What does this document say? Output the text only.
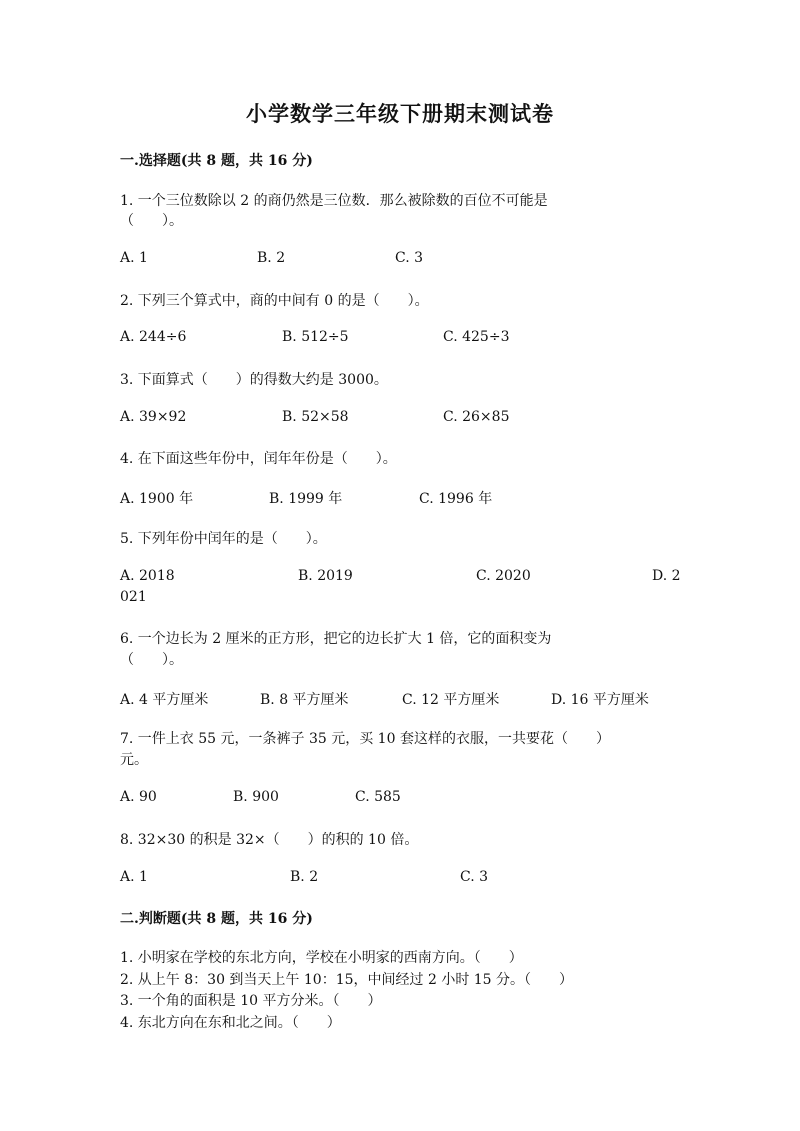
小学数学三年级下册期末测试卷
一.选择题(共 8 题，共 16 分)
1. 一个三位数除以 2 的商仍然是三位数．那么被除数的百位不可能是
（　　）。
A. 1	B. 2	C. 3
2. 下列三个算式中，商的中间有 0 的是（　　）。
A. 244÷6	B. 512÷5	C. 425÷3
3. 下面算式（　　）的得数大约是 3000。
A. 39×92	B. 52×58	C. 26×85
4. 在下面这些年份中，闰年年份是（　　）。
A. 1900 年	B. 1999 年	C. 1996 年
5. 下列年份中闰年的是（　　）。
A. 2018	B. 2019	C. 2020	D. 2
021
6. 一个边长为 2 厘米的正方形，把它的边长扩大 1 倍，它的面积变为
（　　）。
A. 4 平方厘米	B. 8 平方厘米	C. 12 平方厘米	D. 16 平方厘米
7. 一件上衣 55 元，一条裤子 35 元，买 10 套这样的衣服，一共要花（　　）
元。
A. 90	B. 900	C. 585
8. 32×30 的积是 32×（　　）的积的 10 倍。
A. 1	B. 2	C. 3
二.判断题(共 8 题，共 16 分)
1. 小明家在学校的东北方向，学校在小明家的西南方向。（　　）
2. 从上午 8：30 到当天上午 10：15，中间经过 2 小时 15 分。（　　）
3. 一个角的面积是 10 平方分米。（　　）
4. 东北方向在东和北之间。（　　）
